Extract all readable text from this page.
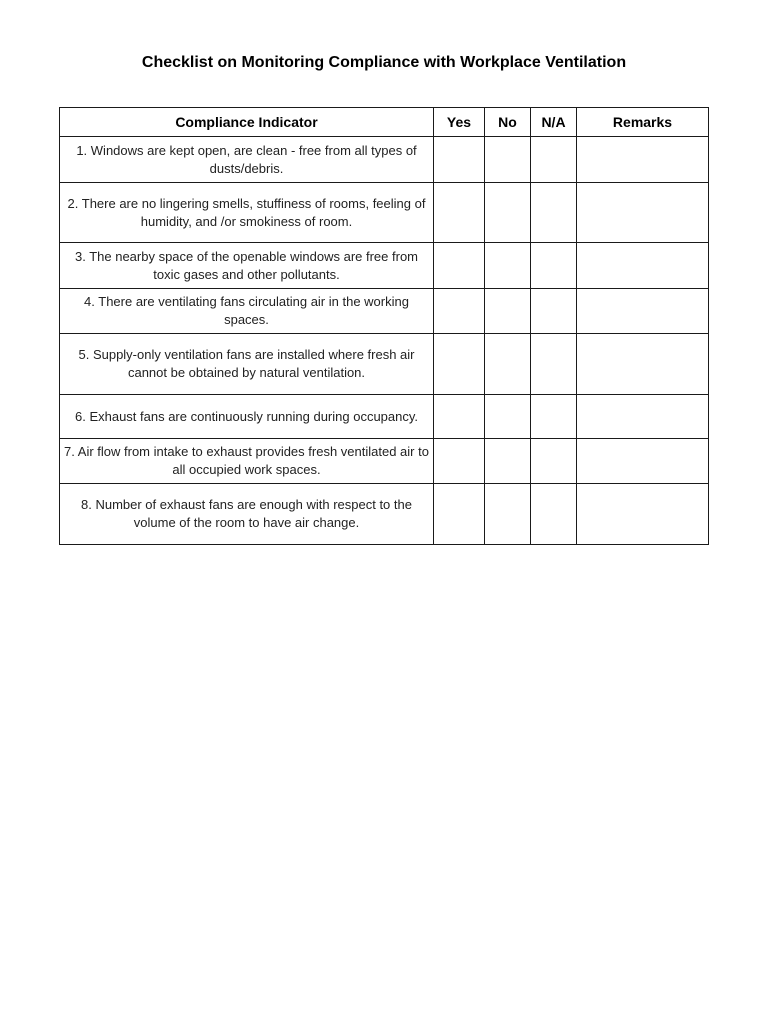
Checklist on Monitoring Compliance with Workplace Ventilation
Compliance Indicator	Yes	No	N/A	Remarks
1. Windows are kept open, are clean - free from all types of dusts/debris.				
2. There are no lingering smells, stuffiness of rooms, feeling of humidity, and /or smokiness of room.				
3. The nearby space of the openable windows are free from toxic gases and other pollutants.				
4. There are ventilating fans circulating air in the working spaces.				
5. Supply-only ventilation fans are installed where fresh air cannot be obtained by natural ventilation.				
6. Exhaust fans are continuously running during occupancy.				
7. Air flow from intake to exhaust provides fresh ventilated air to all occupied work spaces.				
8. Number of exhaust fans are enough with respect to the volume of the room to have air change.				
